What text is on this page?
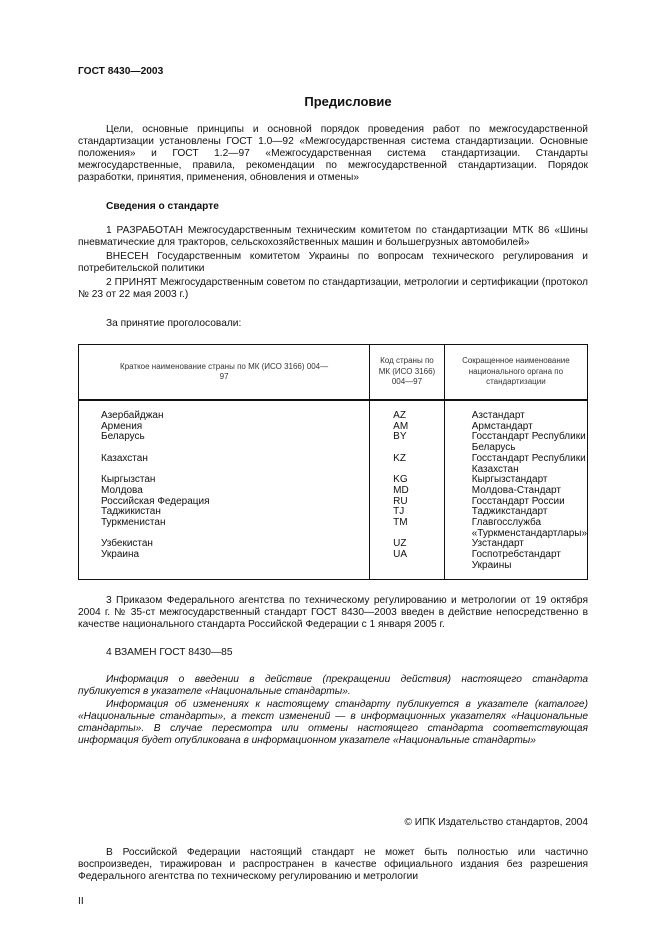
ГОСТ 8430—2003
Предисловие

Цели, основные принципы и основной порядок проведения работ по межгосударственной стандартизации установлены ГОСТ 1.0—92 «Межгосударственная система стандартизации. Основные положения» и ГОСТ 1.2—97 «Межгосударственная система стандартизации. Стандарты межгосударственные, правила, рекомендации по межгосударственной стандартизации. Порядок разработки, принятия, применения, обновления и отмены»

Сведения о стандарте

1 РАЗРАБОТАН Межгосударственным техническим комитетом по стандартизации МТК 86 «Шины пневматические для тракторов, сельскохозяйственных машин и большегрузных автомобилей»

ВНЕСЕН Государственным комитетом Украины по вопросам технического регулирования и потребительской политики

2 ПРИНЯТ Межгосударственным советом по стандартизации, метрологии и сертификации (протокол № 23 от 22 мая 2003 г.)

За принятие проголосовали:
Краткое наименование страны по МК (ИСО 3166) 004—97	Код страны по МК (ИСО 3166) 004—97	Сокращенное наименование национального органа по стандартизации
Азербайджан	AZ	Азстандарт
Армения	AM	Армстандарт
Беларусь	BY	Госстандарт Республики Беларусь
Казахстан	KZ	Госстандарт Республики Казахстан
Кыргызстан	KG	Кыргызстандарт
Молдова	MD	Молдова-Стандарт
Российская Федерация	RU	Госстандарт России
Таджикистан	TJ	Таджикстандарт
Туркменистан	TM	Главгосслужба «Туркменстандартлары»
Узбекистан	UZ	Узстандарт
Украина	UA	Госпотребстандарт Украины

3 Приказом Федерального агентства по техническому регулированию и метрологии от 19 октября 2004 г. № 35-ст межгосударственный стандарт ГОСТ 8430—2003 введен в действие непосредственно в качестве национального стандарта Российской Федерации с 1 января 2005 г.

4 ВЗАМЕН ГОСТ 8430—85

Информация о введении в действие (прекращении действия) настоящего стандарта публикуется в указателе «Национальные стандарты».

Информация об изменениях к настоящему стандарту публикуется в указателе (каталоге) «Национальные стандарты», а текст изменений — в информационных указателях «Национальные стандарты». В случае пересмотра или отмены настоящего стандарта соответствующая информация будет опубликована в информационном указателе «Национальные стандарты»

© ИПК Издательство стандартов, 2004

В Российской Федерации настоящий стандарт не может быть полностью или частично воспроизведен, тиражирован и распространен в качестве официального издания без разрешения Федерального агентства по техническому регулированию и метрологии

II
